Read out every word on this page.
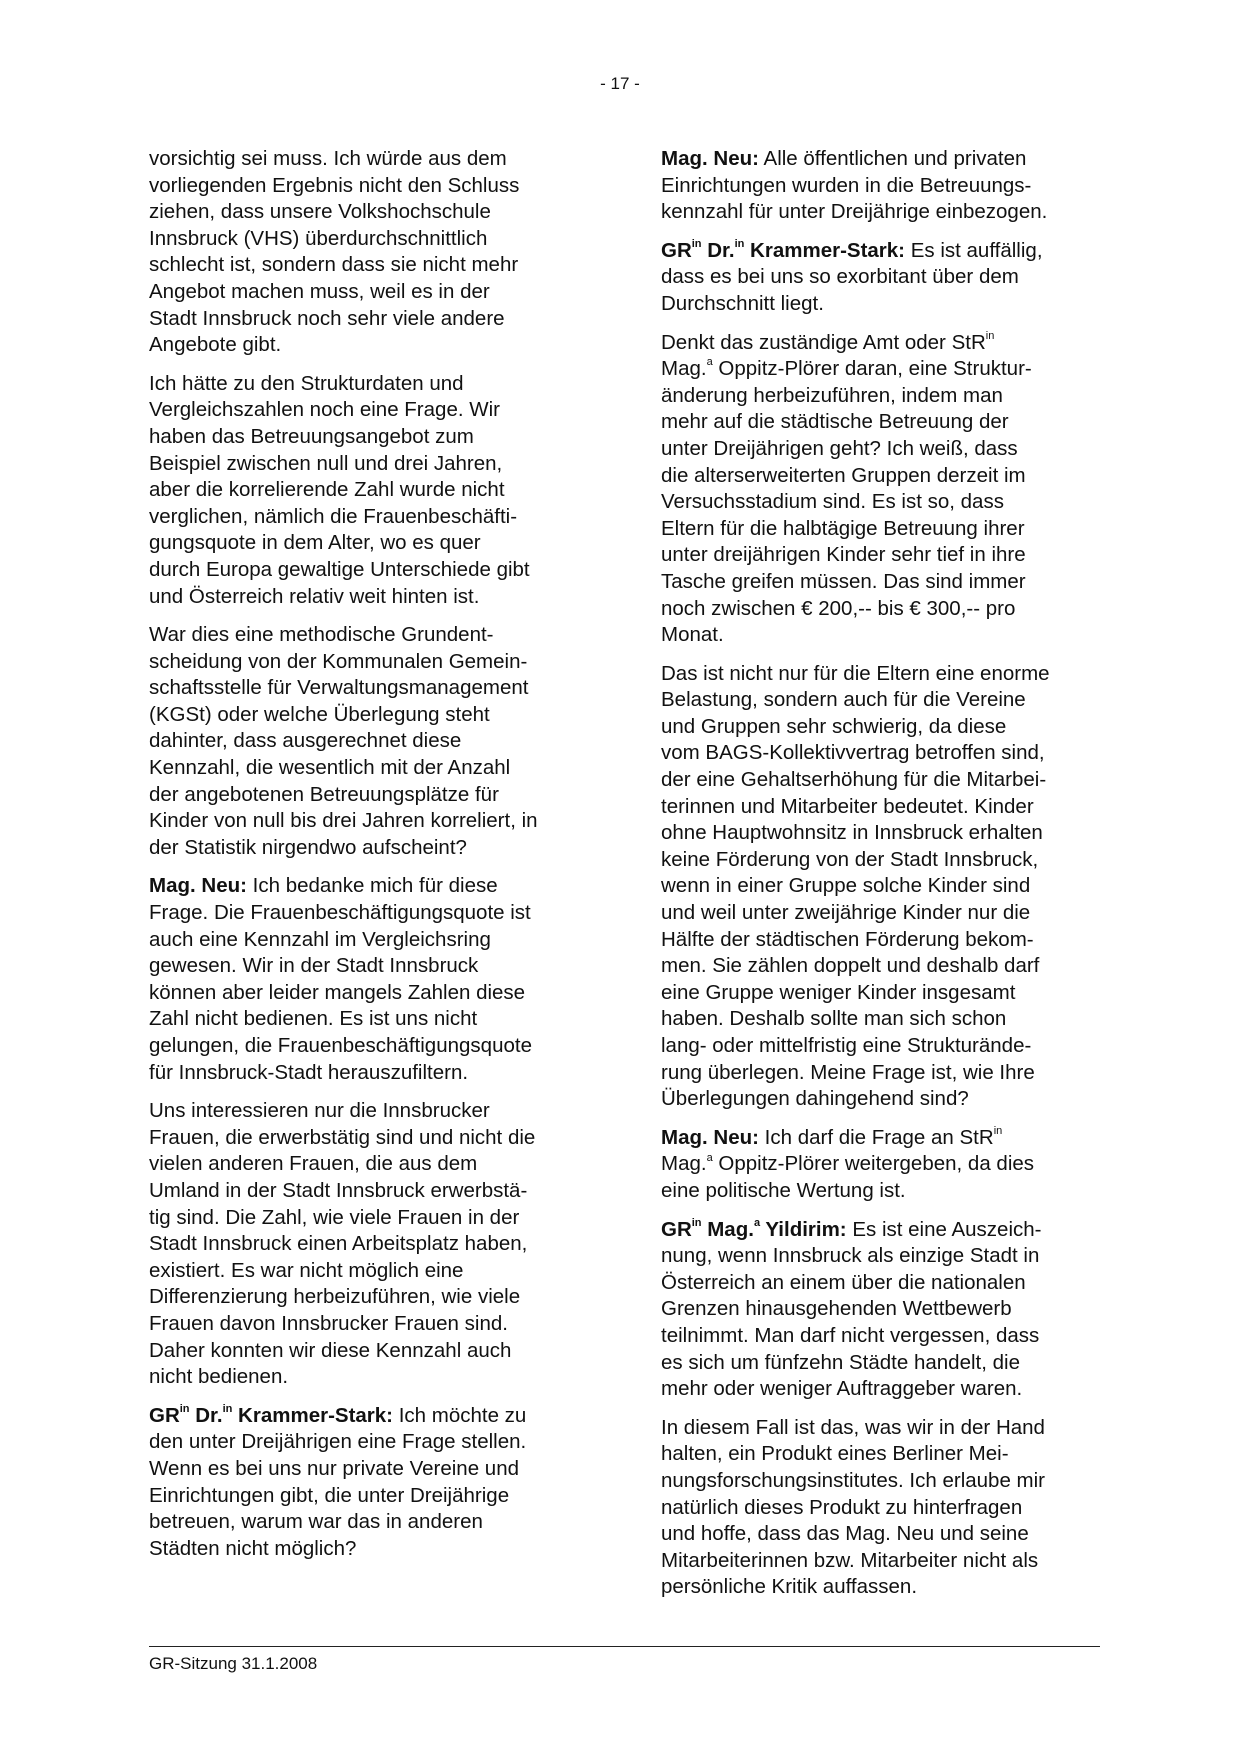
- 17 -

vorsichtig sei muss. Ich würde aus dem
vorliegenden Ergebnis nicht den Schluss
ziehen, dass unsere Volkshochschule
Innsbruck (VHS) überdurchschnittlich
schlecht ist, sondern dass sie nicht mehr
Angebot machen muss, weil es in der
Stadt Innsbruck noch sehr viele andere
Angebote gibt.

Ich hätte zu den Strukturdaten und
Vergleichszahlen noch eine Frage. Wir
haben das Betreuungsangebot zum
Beispiel zwischen null und drei Jahren,
aber die korrelierende Zahl wurde nicht
verglichen, nämlich die Frauenbeschäfti-
gungsquote in dem Alter, wo es quer
durch Europa gewaltige Unterschiede gibt
und Österreich relativ weit hinten ist.

War dies eine methodische Grundent-
scheidung von der Kommunalen Gemein-
schaftsstelle für Verwaltungsmanagement
(KGSt) oder welche Überlegung steht
dahinter, dass ausgerechnet diese
Kennzahl, die wesentlich mit der Anzahl
der angebotenen Betreuungsplätze für
Kinder von null bis drei Jahren korreliert, in
der Statistik nirgendwo aufscheint?

Mag. Neu: Ich bedanke mich für diese
Frage. Die Frauenbeschäftigungsquote ist
auch eine Kennzahl im Vergleichsring
gewesen. Wir in der Stadt Innsbruck
können aber leider mangels Zahlen diese
Zahl nicht bedienen. Es ist uns nicht
gelungen, die Frauenbeschäftigungsquote
für Innsbruck-Stadt herauszufiltern.

Uns interessieren nur die Innsbrucker
Frauen, die erwerbstätig sind und nicht die
vielen anderen Frauen, die aus dem
Umland in der Stadt Innsbruck erwerbstä-
tig sind. Die Zahl, wie viele Frauen in der
Stadt Innsbruck einen Arbeitsplatz haben,
existiert. Es war nicht möglich eine
Differenzierung herbeizuführen, wie viele
Frauen davon Innsbrucker Frauen sind.
Daher konnten wir diese Kennzahl auch
nicht bedienen.

$GR^{in}$ Dr.$^{in}$ Krammer-Stark: Ich möchte zu
den unter Dreijährigen eine Frage stellen.
Wenn es bei uns nur private Vereine und
Einrichtungen gibt, die unter Dreijährige
betreuen, warum war das in anderen
Städten nicht möglich?

Mag. Neu: Alle öffentlichen und privaten
Einrichtungen wurden in die Betreuungs-
kennzahl für unter Dreijährige einbezogen.

$GR^{in}$ Dr.$^{in}$ Krammer-Stark: Es ist auffällig,
dass es bei uns so exorbitant über dem
Durchschnitt liegt.

Denkt das zuständige Amt oder StR$^{in}$
Mag.$^a$ Oppitz-Plörer daran, eine Struktur-
änderung herbeizuführen, indem man
mehr auf die städtische Betreuung der
unter Dreijährigen geht? Ich weiß, dass
die alterserweiterten Gruppen derzeit im
Versuchsstadium sind. Es ist so, dass
Eltern für die halbtägige Betreuung ihrer
unter dreijährigen Kinder sehr tief in ihre
Tasche greifen müssen. Das sind immer
noch zwischen € 200,-- bis € 300,-- pro
Monat.

Das ist nicht nur für die Eltern eine enorme
Belastung, sondern auch für die Vereine
und Gruppen sehr schwierig, da diese
vom BAGS-Kollektivvertrag betroffen sind,
der eine Gehaltserhöhung für die Mitarbei-
terinnen und Mitarbeiter bedeutet. Kinder
ohne Hauptwohnsitz in Innsbruck erhalten
keine Förderung von der Stadt Innsbruck,
wenn in einer Gruppe solche Kinder sind
und weil unter zweijährige Kinder nur die
Hälfte der städtischen Förderung bekom-
men. Sie zählen doppelt und deshalb darf
eine Gruppe weniger Kinder insgesamt
haben. Deshalb sollte man sich schon
lang- oder mittelfristig eine Strukturände-
rung überlegen. Meine Frage ist, wie Ihre
Überlegungen dahingehend sind?

Mag. Neu: Ich darf die Frage an StR$^{in}$
Mag.$^a$ Oppitz-Plörer weitergeben, da dies
eine politische Wertung ist.

$GR^{in}$ Mag.$^a$ Yildirim: Es ist eine Auszeich-
nung, wenn Innsbruck als einzige Stadt in
Österreich an einem über die nationalen
Grenzen hinausgehenden Wettbewerb
teilnimmt. Man darf nicht vergessen, dass
es sich um fünfzehn Städte handelt, die
mehr oder weniger Auftraggeber waren.

In diesem Fall ist das, was wir in der Hand
halten, ein Produkt eines Berliner Mei-
nungsforschungsinstitutes. Ich erlaube mir
natürlich dieses Produkt zu hinterfragen
und hoffe, dass das Mag. Neu und seine
Mitarbeiterinnen bzw. Mitarbeiter nicht als
persönliche Kritik auffassen.

GR-Sitzung 31.1.2008
